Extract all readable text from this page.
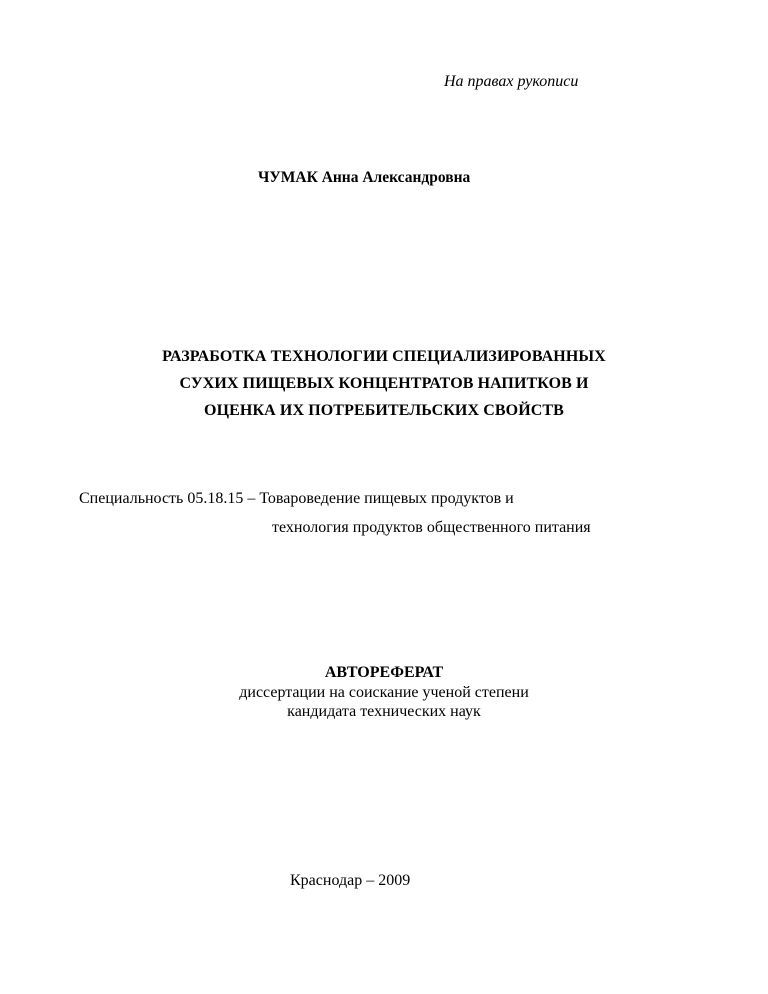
На правах рукописи
ЧУМАК Анна Александровна
РАЗРАБОТКА ТЕХНОЛОГИИ СПЕЦИАЛИЗИРОВАННЫХ
СУХИХ ПИЩЕВЫХ КОНЦЕНТРАТОВ НАПИТКОВ И
ОЦЕНКА ИХ ПОТРЕБИТЕЛЬСКИХ СВОЙСТВ
Специальность 05.18.15 – Товароведение пищевых продуктов и
технология продуктов общественного питания
АВТОРЕФЕРАТ
диссертации на соискание ученой степени
кандидата технических наук
Краснодар – 2009
